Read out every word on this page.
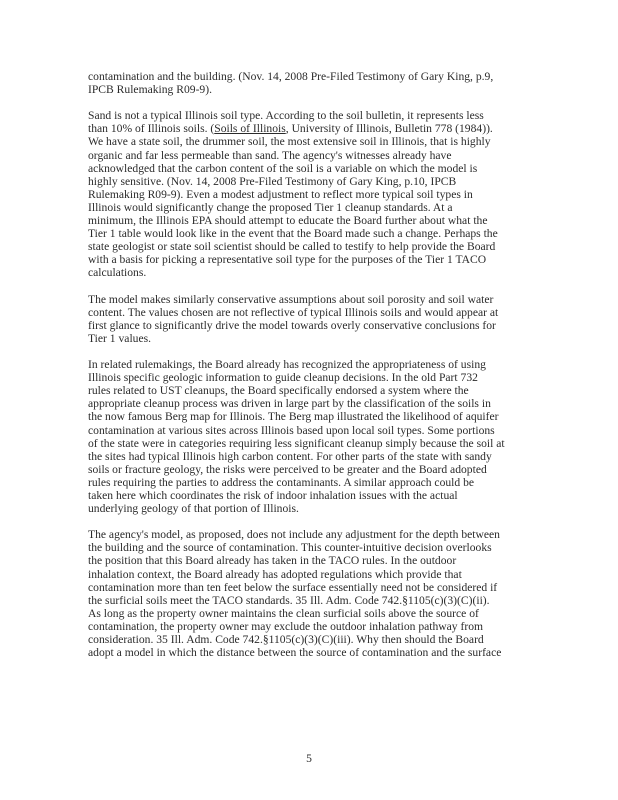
contamination and the building. (Nov. 14, 2008 Pre-Filed Testimony of Gary King, p.9,
IPCB Rulemaking R09-9).

Sand is not a typical Illinois soil type. According to the soil bulletin, it represents less
than 10% of Illinois soils. (Soils of Illinois, University of Illinois, Bulletin 778 (1984)).
We have a state soil, the drummer soil, the most extensive soil in Illinois, that is highly
organic and far less permeable than sand. The agency's witnesses already have
acknowledged that the carbon content of the soil is a variable on which the model is
highly sensitive. (Nov. 14, 2008 Pre-Filed Testimony of Gary King, p.10, IPCB
Rulemaking R09-9). Even a modest adjustment to reflect more typical soil types in
Illinois would significantly change the proposed Tier 1 cleanup standards. At a
minimum, the Illinois EPA should attempt to educate the Board further about what the
Tier 1 table would look like in the event that the Board made such a change. Perhaps the
state geologist or state soil scientist should be called to testify to help provide the Board
with a basis for picking a representative soil type for the purposes of the Tier 1 TACO
calculations.

The model makes similarly conservative assumptions about soil porosity and soil water
content. The values chosen are not reflective of typical Illinois soils and would appear at
first glance to significantly drive the model towards overly conservative conclusions for
Tier 1 values.

In related rulemakings, the Board already has recognized the appropriateness of using
Illinois specific geologic information to guide cleanup decisions. In the old Part 732
rules related to UST cleanups, the Board specifically endorsed a system where the
appropriate cleanup process was driven in large part by the classification of the soils in
the now famous Berg map for Illinois. The Berg map illustrated the likelihood of aquifer
contamination at various sites across Illinois based upon local soil types. Some portions
of the state were in categories requiring less significant cleanup simply because the soil at
the sites had typical Illinois high carbon content. For other parts of the state with sandy
soils or fracture geology, the risks were perceived to be greater and the Board adopted
rules requiring the parties to address the contaminants. A similar approach could be
taken here which coordinates the risk of indoor inhalation issues with the actual
underlying geology of that portion of Illinois.

The agency's model, as proposed, does not include any adjustment for the depth between
the building and the source of contamination. This counter-intuitive decision overlooks
the position that this Board already has taken in the TACO rules. In the outdoor
inhalation context, the Board already has adopted regulations which provide that
contamination more than ten feet below the surface essentially need not be considered if
the surficial soils meet the TACO standards. 35 Ill. Adm. Code 742.§1105(c)(3)(C)(ii).
As long as the property owner maintains the clean surficial soils above the source of
contamination, the property owner may exclude the outdoor inhalation pathway from
consideration. 35 Ill. Adm. Code 742.§1105(c)(3)(C)(iii). Why then should the Board
adopt a model in which the distance between the source of contamination and the surface

5
